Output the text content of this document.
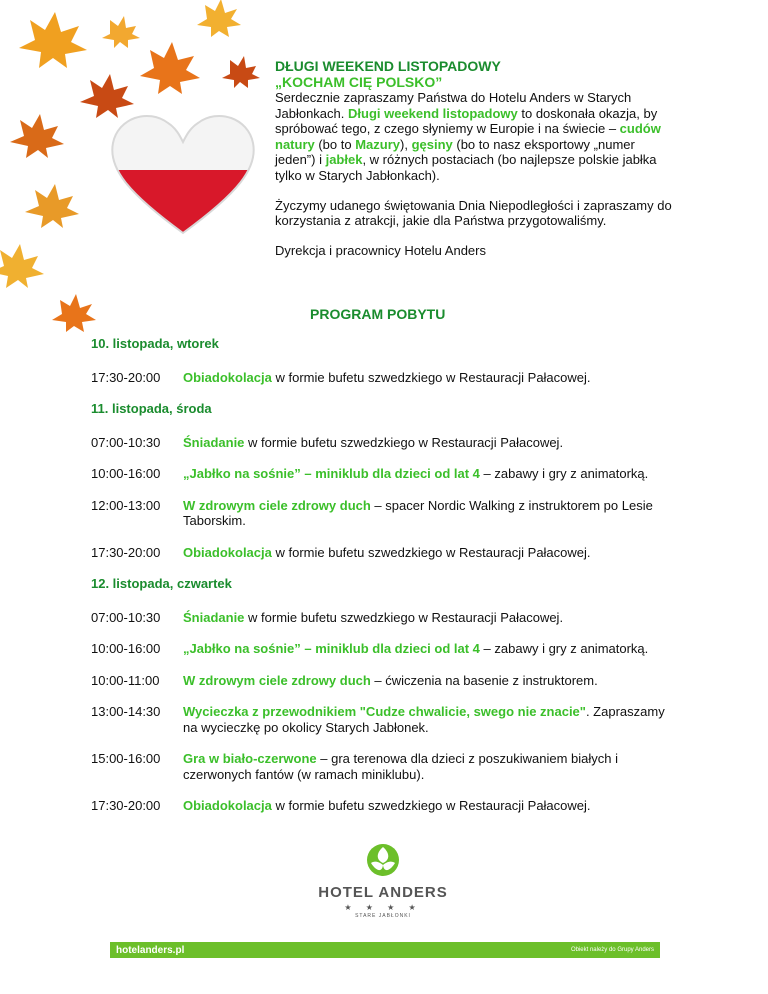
DŁUGI WEEKEND LISTOPADOWY
„KOCHAM CIĘ POLSKO”

Serdecznie zapraszamy Państwa do Hotelu Anders w Starych Jabłonkach. Długi weekend listopadowy to doskonała okazja, by spróbować tego, z czego słyniemy w Europie i na świecie – cudów natury (bo to Mazury), gęsiny (bo to nasz eksportowy „numer jeden”) i jabłek, w różnych postaciach (bo najlepsze polskie jabłka tylko w Starych Jabłonkach).

Życzymy udanego świętowania Dnia Niepodległości i zapraszamy do korzystania z atrakcji, jakie dla Państwa przygotowaliśmy.

Dyrekcja i pracownicy Hotelu Anders

PROGRAM POBYTU
10. listopada, wtorek
17:30-20:00	Obiadokolacja w formie bufetu szwedzkiego w Restauracji Pałacowej.
11. listopada, środa
07:00-10:30	Śniadanie w formie bufetu szwedzkiego w Restauracji Pałacowej.
10:00-16:00	„Jabłko na sośnie” – miniklub dla dzieci od lat 4 – zabawy i gry z animatorką.
12:00-13:00	W zdrowym ciele zdrowy duch – spacer Nordic Walking z instruktorem po Lesie Taborskim.
17:30-20:00	Obiadokolacja w formie bufetu szwedzkiego w Restauracji Pałacowej.
12. listopada, czwartek
07:00-10:30	Śniadanie w formie bufetu szwedzkiego w Restauracji Pałacowej.
10:00-16:00	„Jabłko na sośnie” – miniklub dla dzieci od lat 4 – zabawy i gry z animatorką.
10:00-11:00	W zdrowym ciele zdrowy duch – ćwiczenia na basenie z instruktorem.
13:00-14:30	Wycieczka z przewodnikiem "Cudze chwalicie, swego nie znacie". Zapraszamy na wycieczkę po okolicy Starych Jabłonek.
15:00-16:00	Gra w biało-czerwone – gra terenowa dla dzieci z poszukiwaniem białych i czerwonych fantów (w ramach miniklubu).
17:30-20:00	Obiadokolacja w formie bufetu szwedzkiego w Restauracji Pałacowej.
HOTEL ANDERS
★ ★ ★ ★
STARE JABŁONKI
hotelanders.pl	Obiekt należy do Grupy Anders
